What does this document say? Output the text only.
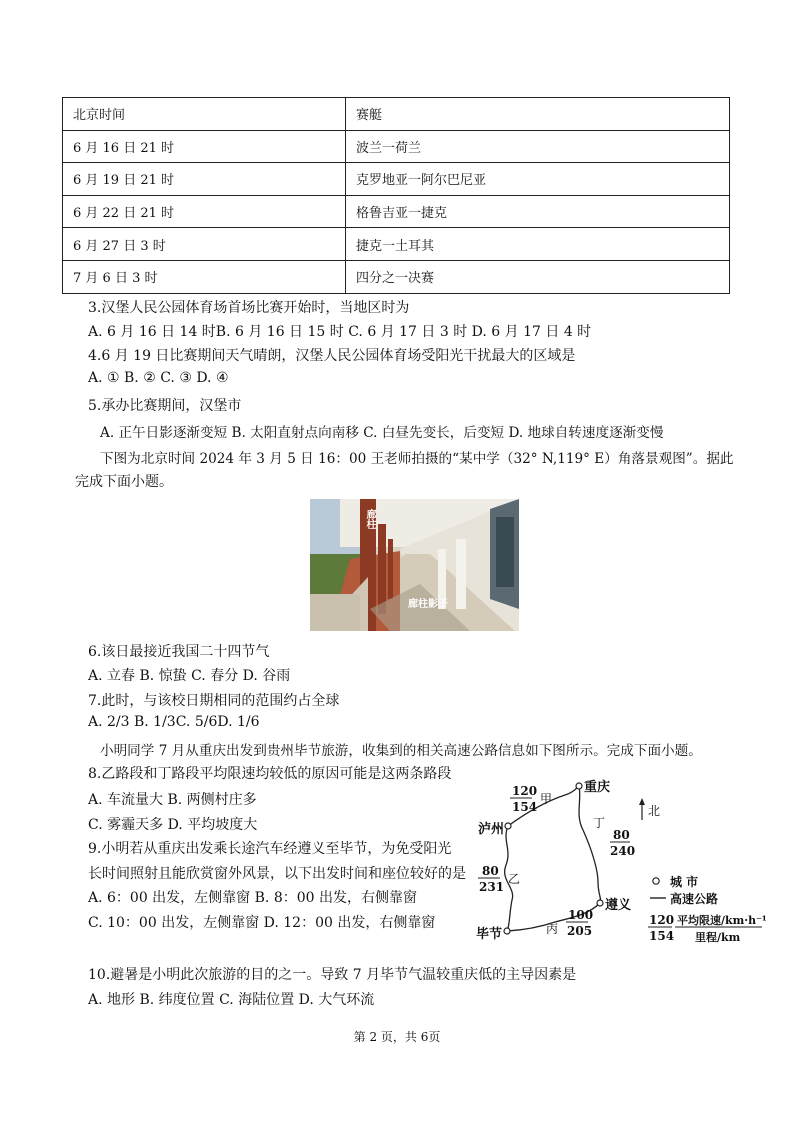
北京时间	赛艇
6 月 16 日 21 时	波兰一荷兰
6 月 19 日 21 时	克罗地亚一阿尔巴尼亚
6 月 22 日 21 时	格鲁吉亚一捷克
6 月 27 日 3 时	捷克一土耳其
7 月 6 日 3 时	四分之一决赛
3.汉堡人民公园体育场首场比赛开始时，当地区时为
A. 6 月 16 日 14 时B. 6 月 16 日 15 时 C. 6 月 17 日 3 时 D. 6 月 17 日 4 时
4.6 月 19 日比赛期间天气晴朗，汉堡人民公园体育场受阳光干扰最大的区域是
A. ① B. ② C. ③ D. ④
5.承办比赛期间，汉堡市
A. 正午日影逐渐变短 B. 太阳直射点向南移 C. 白昼先变长，后变短 D. 地球自转速度逐渐变慢
下图为北京时间 2024 年 3 月 5 日 16：00 王老师拍摄的“某中学（32° N,119° E）角落景观图”。据此
完成下面小题。
廊柱
廊柱影子
6.该日最接近我国二十四节气
A. 立春 B. 惊蛰 C. 春分 D. 谷雨
7.此时，与该校日期相同的范围约占全球
A. 2/3 B. 1/3C. 5/6D. 1/6
小明同学 7 月从重庆出发到贵州毕节旅游，收集到的相关高速公路信息如下图所示。完成下面小题。
8.乙路段和丁路段平均限速均较低的原因可能是这两条路段
A. 车流量大 B. 两侧村庄多
C. 雾霾天多 D. 平均坡度大
9.小明若从重庆出发乘长途汽车经遵义至毕节，为免受阳光
长时间照射且能欣赏窗外风景，以下出发时间和座位较好的是
A. 6：00 出发，左侧靠窗 B. 8：00 出发，右侧靠窗
C. 10：00 出发，左侧靠窗 D. 12：00 出发，右侧靠窗
重庆
泸州
遵义
毕节
120
154
甲
丁
80
240
80
231
乙
100
205
丙
北
城 市
高速公路
120
154
平均限速/km·h⁻¹
里程/km
10.避暑是小明此次旅游的目的之一。导致 7 月毕节气温较重庆低的主导因素是
A. 地形 B. 纬度位置 C. 海陆位置 D. 大气环流
第 2 页，共 6页
